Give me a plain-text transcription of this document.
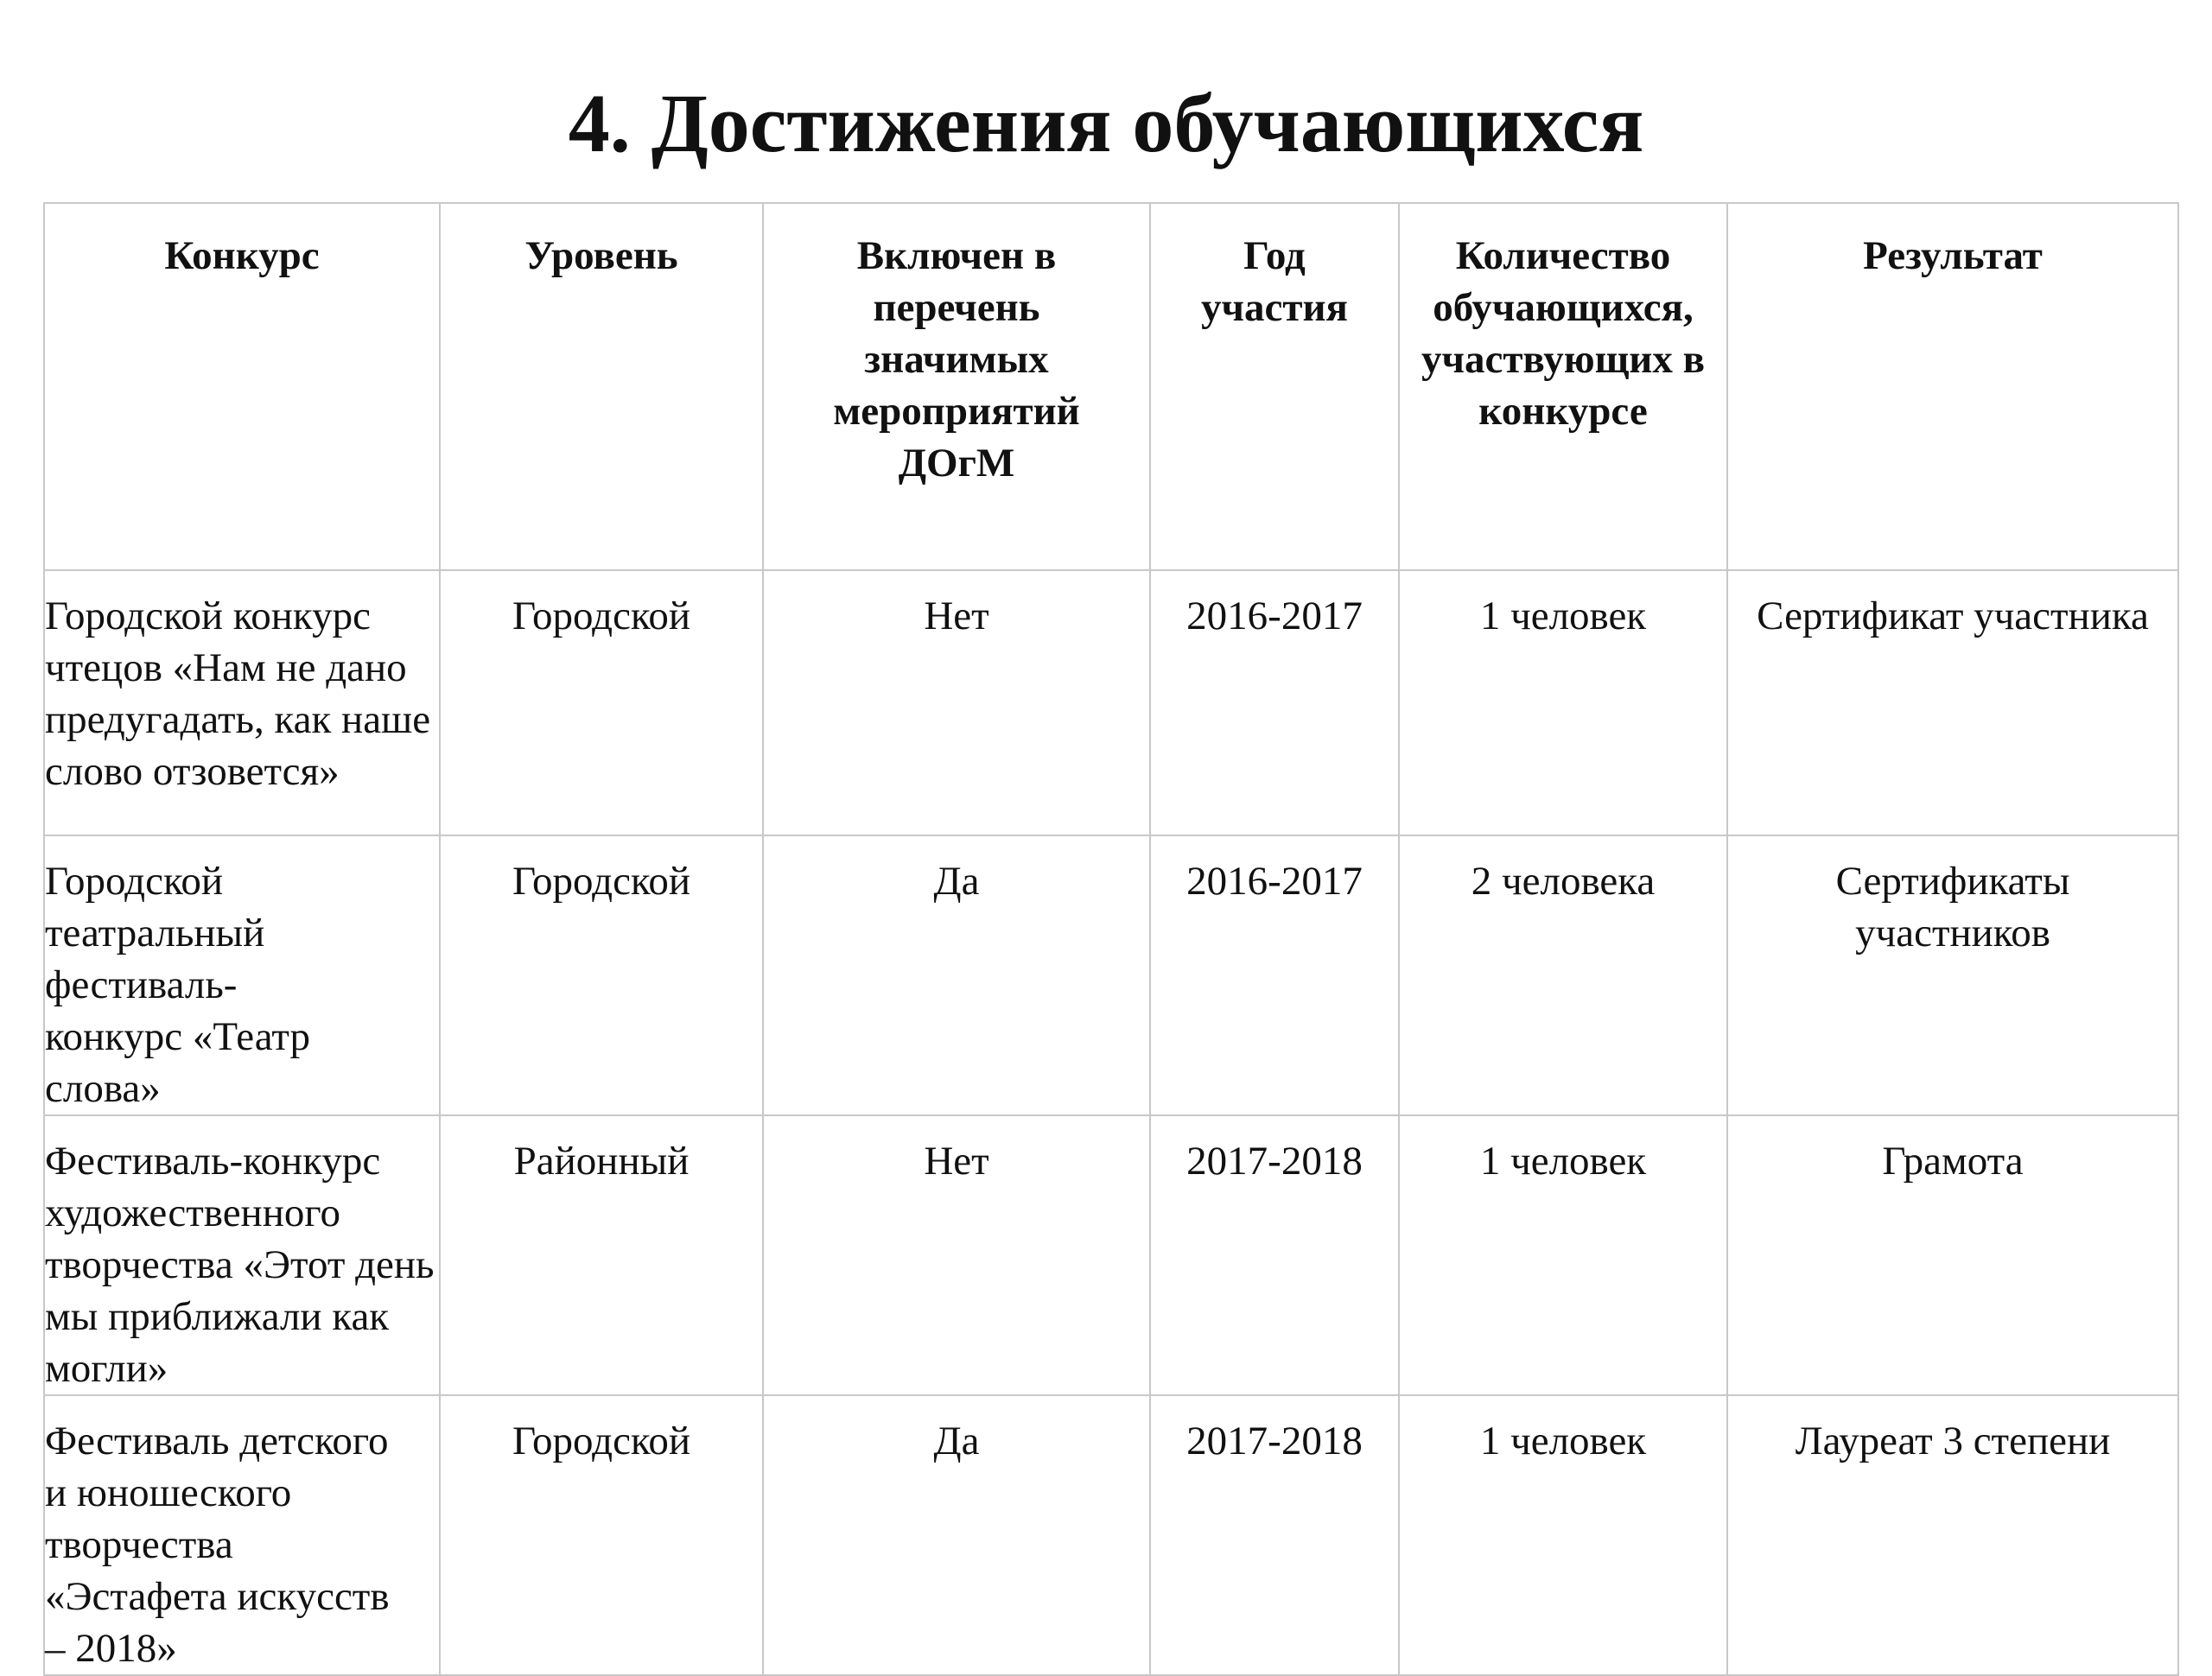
4. Достижения обучающихся
Конкурс	Уровень	Включен в перечень значимых мероприятий ДОгМ	Год участия	Количество обучающихся, участвующих в конкурсе	Результат
Городской конкурс чтецов «Нам не дано предугадать, как наше слово отзовется»	Городской	Нет	2016-2017	1 человек	Сертификат участника
Городской театральный фестиваль-конкурс «Театр слова»	Городской	Да	2016-2017	2 человека	Сертификаты участников
Фестиваль-конкурс художественного творчества «Этот день мы приближали как могли»	Районный	Нет	2017-2018	1 человек	Грамота
Фестиваль детского и юношеского творчества «Эстафета искусств – 2018»	Городской	Да	2017-2018	1 человек	Лауреат 3 степени
